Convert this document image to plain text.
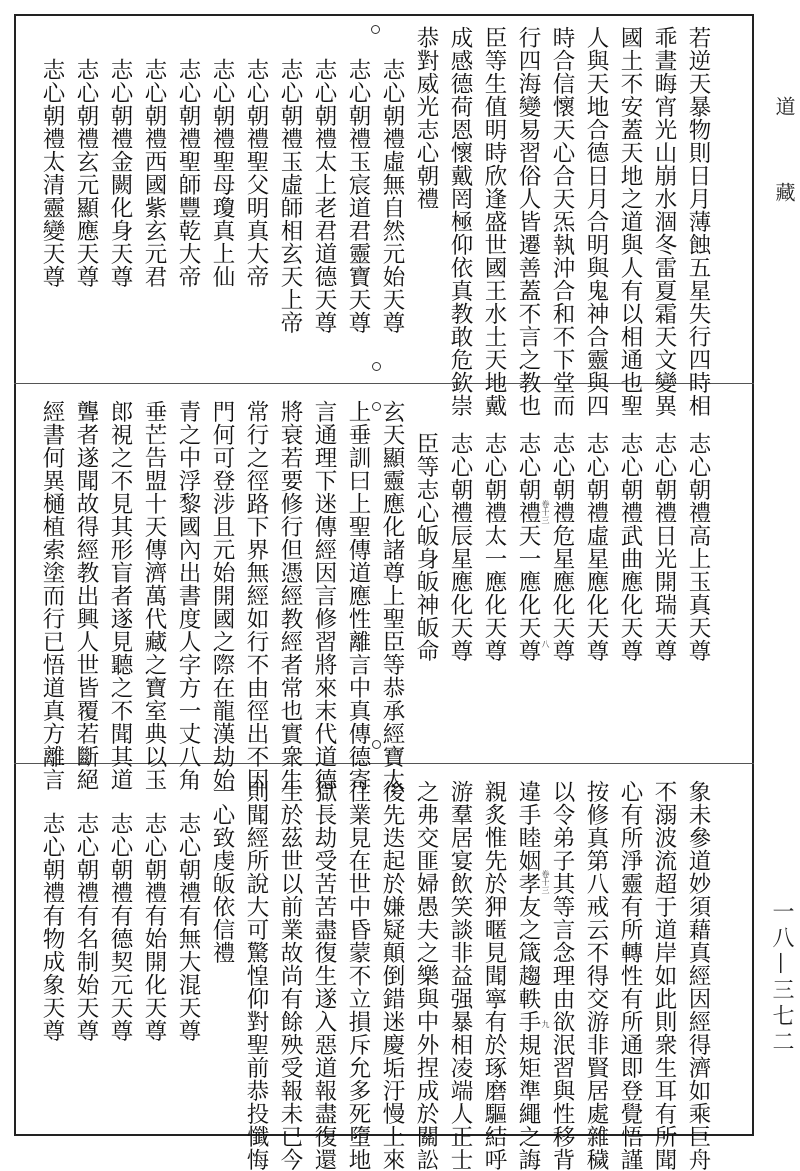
道
藏
一八—三七二
若逆天暴物則日月薄蝕五星失行四時相
乖晝晦宵光山崩水涸冬雷夏霜天文變異
國土不安蓋天地之道與人有以相通也聖
人與天地合德日月合明與鬼神合靈與四
時合信懷天心合天炁執沖合和不下堂而
行四海變易習俗人皆遷善蓋不言之教也
臣等生值明時欣逢盛世國王水土天地戴
成感德荷恩懷戴罔極仰依真教敢危欽崇
恭對威光志心朝禮
志心朝禮虛無自然元始天尊
志心朝禮玉宸道君靈寶天尊
志心朝禮太上老君道德天尊
志心朝禮玉虛師相玄天上帝
志心朝禮聖父明真大帝
志心朝禮聖母瓊真上仙
志心朝禮聖師豐乾大帝
志心朝禮西國紫玄元君
志心朝禮金闕化身天尊
志心朝禮玄元顯應天尊
志心朝禮太清靈變天尊
志心朝禮高上玉真天尊
志心朝禮日光開瑞天尊
志心朝禮武曲應化天尊
志心朝禮虛星應化天尊
志心朝禮危星應化天尊
志心朝禮天一應化天尊
志心朝禮太一應化天尊
志心朝禮辰星應化天尊
臣等志心皈身皈神皈命
玄天顯靈應化諸尊上聖臣等恭承經寶太
上垂訓曰上聖傳道應性離言中真傳德寄
言通理下迷傳經因言修習將來末代道德
將衰若要修行但憑經教經者常也實衆生
常行之徑路下界無經如行不由徑出不因
門何可登涉且元始開國之際在龍漢劫始
青之中浮黎國內出書度人字方一丈八角
垂芒告盟十天傳濟萬代藏之寶室典以玉
郎視之不見其形盲者遂見聽之不聞其道
聾者遂聞故得經教出興人世皆覆若斷絕
經書何異樋植索塗而行已悟道真方離言	卷十三
八
象未參道妙須藉真經因經得濟如乘巨舟
不溺波流超于道岸如此則衆生耳有所聞
心有所淨靈有所轉性有所通即登覺悟謹
按修真第八戒云不得交游非賢居處雜穢
以令弟子其等言念理由欲泯習與性移背
違手睦姻孝友之箴趨軼手規矩準繩之誨
親炙惟先於狎暱見聞寧有於琢磨驅結呼
游羣居宴飲笑談非益强暴相凌端人正士
之弗交匪婦愚夫之樂與中外捏成於關訟
後先迭起於嫌疑顛倒錯迷慶垢汙慢上來
往業見在世中昏蒙不立損斥允多死墮地
獄長劫受苦苦盡復生遂入惡道報盡復還
生於茲世以前業故尚有餘殃受報未已今
則聞經所說大可驚惶仰對聖前恭投懺悔
一心致虔皈依信禮
志心朝禮有無大混天尊
志心朝禮有始開化天尊
志心朝禮有德契元天尊
志心朝禮有名制始天尊
志心朝禮有物成象天尊	卷十三
九
